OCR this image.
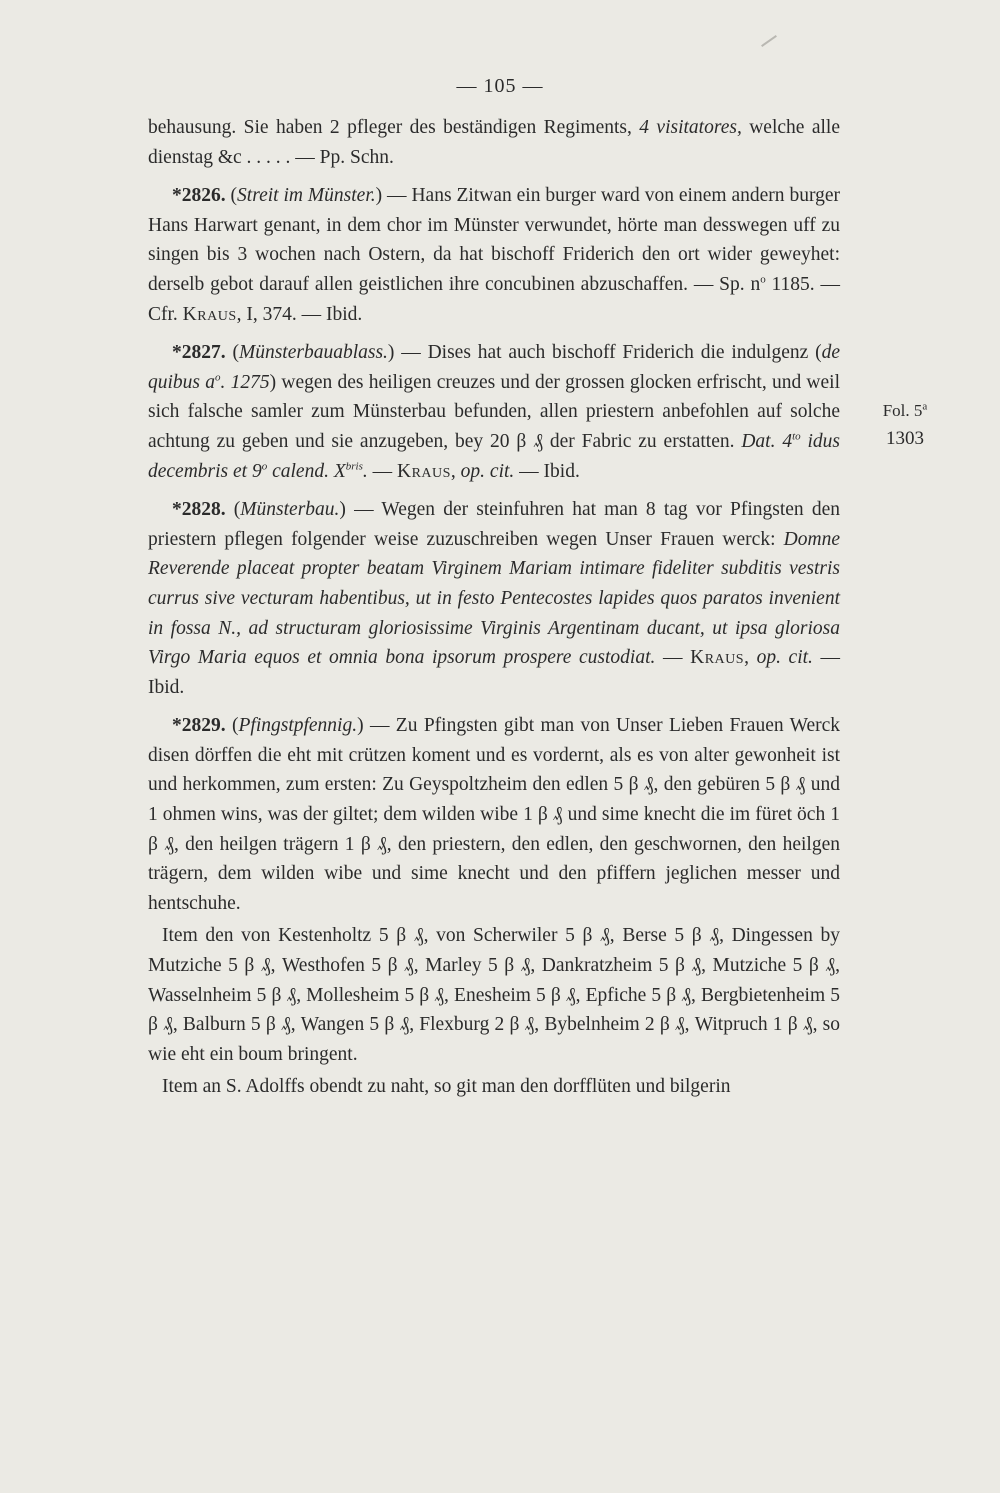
— 105 —
Fol. 5$^a$
1303

behausung. Sie haben 2 pfleger des beständigen Regiments, 4 visitatores, welche alle dienstag &c . . . . . — Pp. Schn.

*2826. (Streit im Münster.) — Hans Zitwan ein burger ward von einem andern burger Hans Harwart genant, in dem chor im Münster verwundet, hörte man desswegen uff zu singen bis 3 wochen nach Ostern, da hat bischoff Friderich den ort wider geweyhet: derselb gebot darauf allen geistlichen ihre concubinen abzuschaffen. — Sp. $n^o$ 1185. — Cfr. Kraus, I, 374. — Ibid.

*2827. (Münsterbauablass.) — Dises hat auch bischoff Friderich die indulgenz (de quibus $a^o$. 1275) wegen des heiligen creuzes und der grossen glocken erfrischt, und weil sich falsche samler zum Münsterbau befunden, allen priestern anbefohlen auf solche achtung zu geben und sie anzugeben, bey 20 β ₰ der Fabric zu erstatten. Dat. $4^{to}$ idus decembris et 9$^o$ calend. $X^{bris}$. — Kraus, op. cit. — Ibid.

*2828. (Münsterbau.) — Wegen der steinfuhren hat man 8 tag vor Pfingsten den priestern pflegen folgender weise zuzuschreiben wegen Unser Frauen werck: Domne Reverende placeat propter beatam Virginem Mariam intimare fideliter subditis vestris currus sive vecturam habentibus, ut in festo Pentecostes lapides quos paratos invenient in fossa N., ad structuram gloriosissime Virginis Argentinam ducant, ut ipsa gloriosa Virgo Maria equos et omnia bona ipsorum prospere custodiat. — Kraus, op. cit. — Ibid.

*2829. (Pfingstpfennig.) — Zu Pfingsten gibt man von Unser Lieben Frauen Werck disen dörffen die eht mit crützen koment und es vordernt, als es von alter gewonheit ist und herkommen, zum ersten: Zu Geyspoltzheim den edlen 5 β ₰, den gebüren 5 β ₰ und 1 ohmen wins, was der giltet; dem wilden wibe 1 β ₰ und sime knecht die im füret öch 1 β ₰, den heilgen trägern 1 β ₰, den priestern, den edlen, den geschwornen, den heilgen trägern, dem wilden wibe und sime knecht und den pfiffern jeglichen messer und hentschuhe.

Item den von Kestenholtz 5 β ₰, von Scherwiler 5 β ₰, Berse 5 β ₰, Dingessen by Mutziche 5 β ₰, Westhofen 5 β ₰, Marley 5 β ₰, Dankratzheim 5 β ₰, Mutziche 5 β ₰, Wasselnheim 5 β ₰, Mollesheim 5 β ₰, Enesheim 5 β ₰, Epfiche 5 β ₰, Bergbietenheim 5 β ₰, Balburn 5 β ₰, Wangen 5 β ₰, Flexburg 2 β ₰, Bybelnheim 2 β ₰, Witpruch 1 β ₰, so wie eht ein boum bringent.

Item an S. Adolffs obendt zu naht, so git man den dorfflüten und bilgerin
